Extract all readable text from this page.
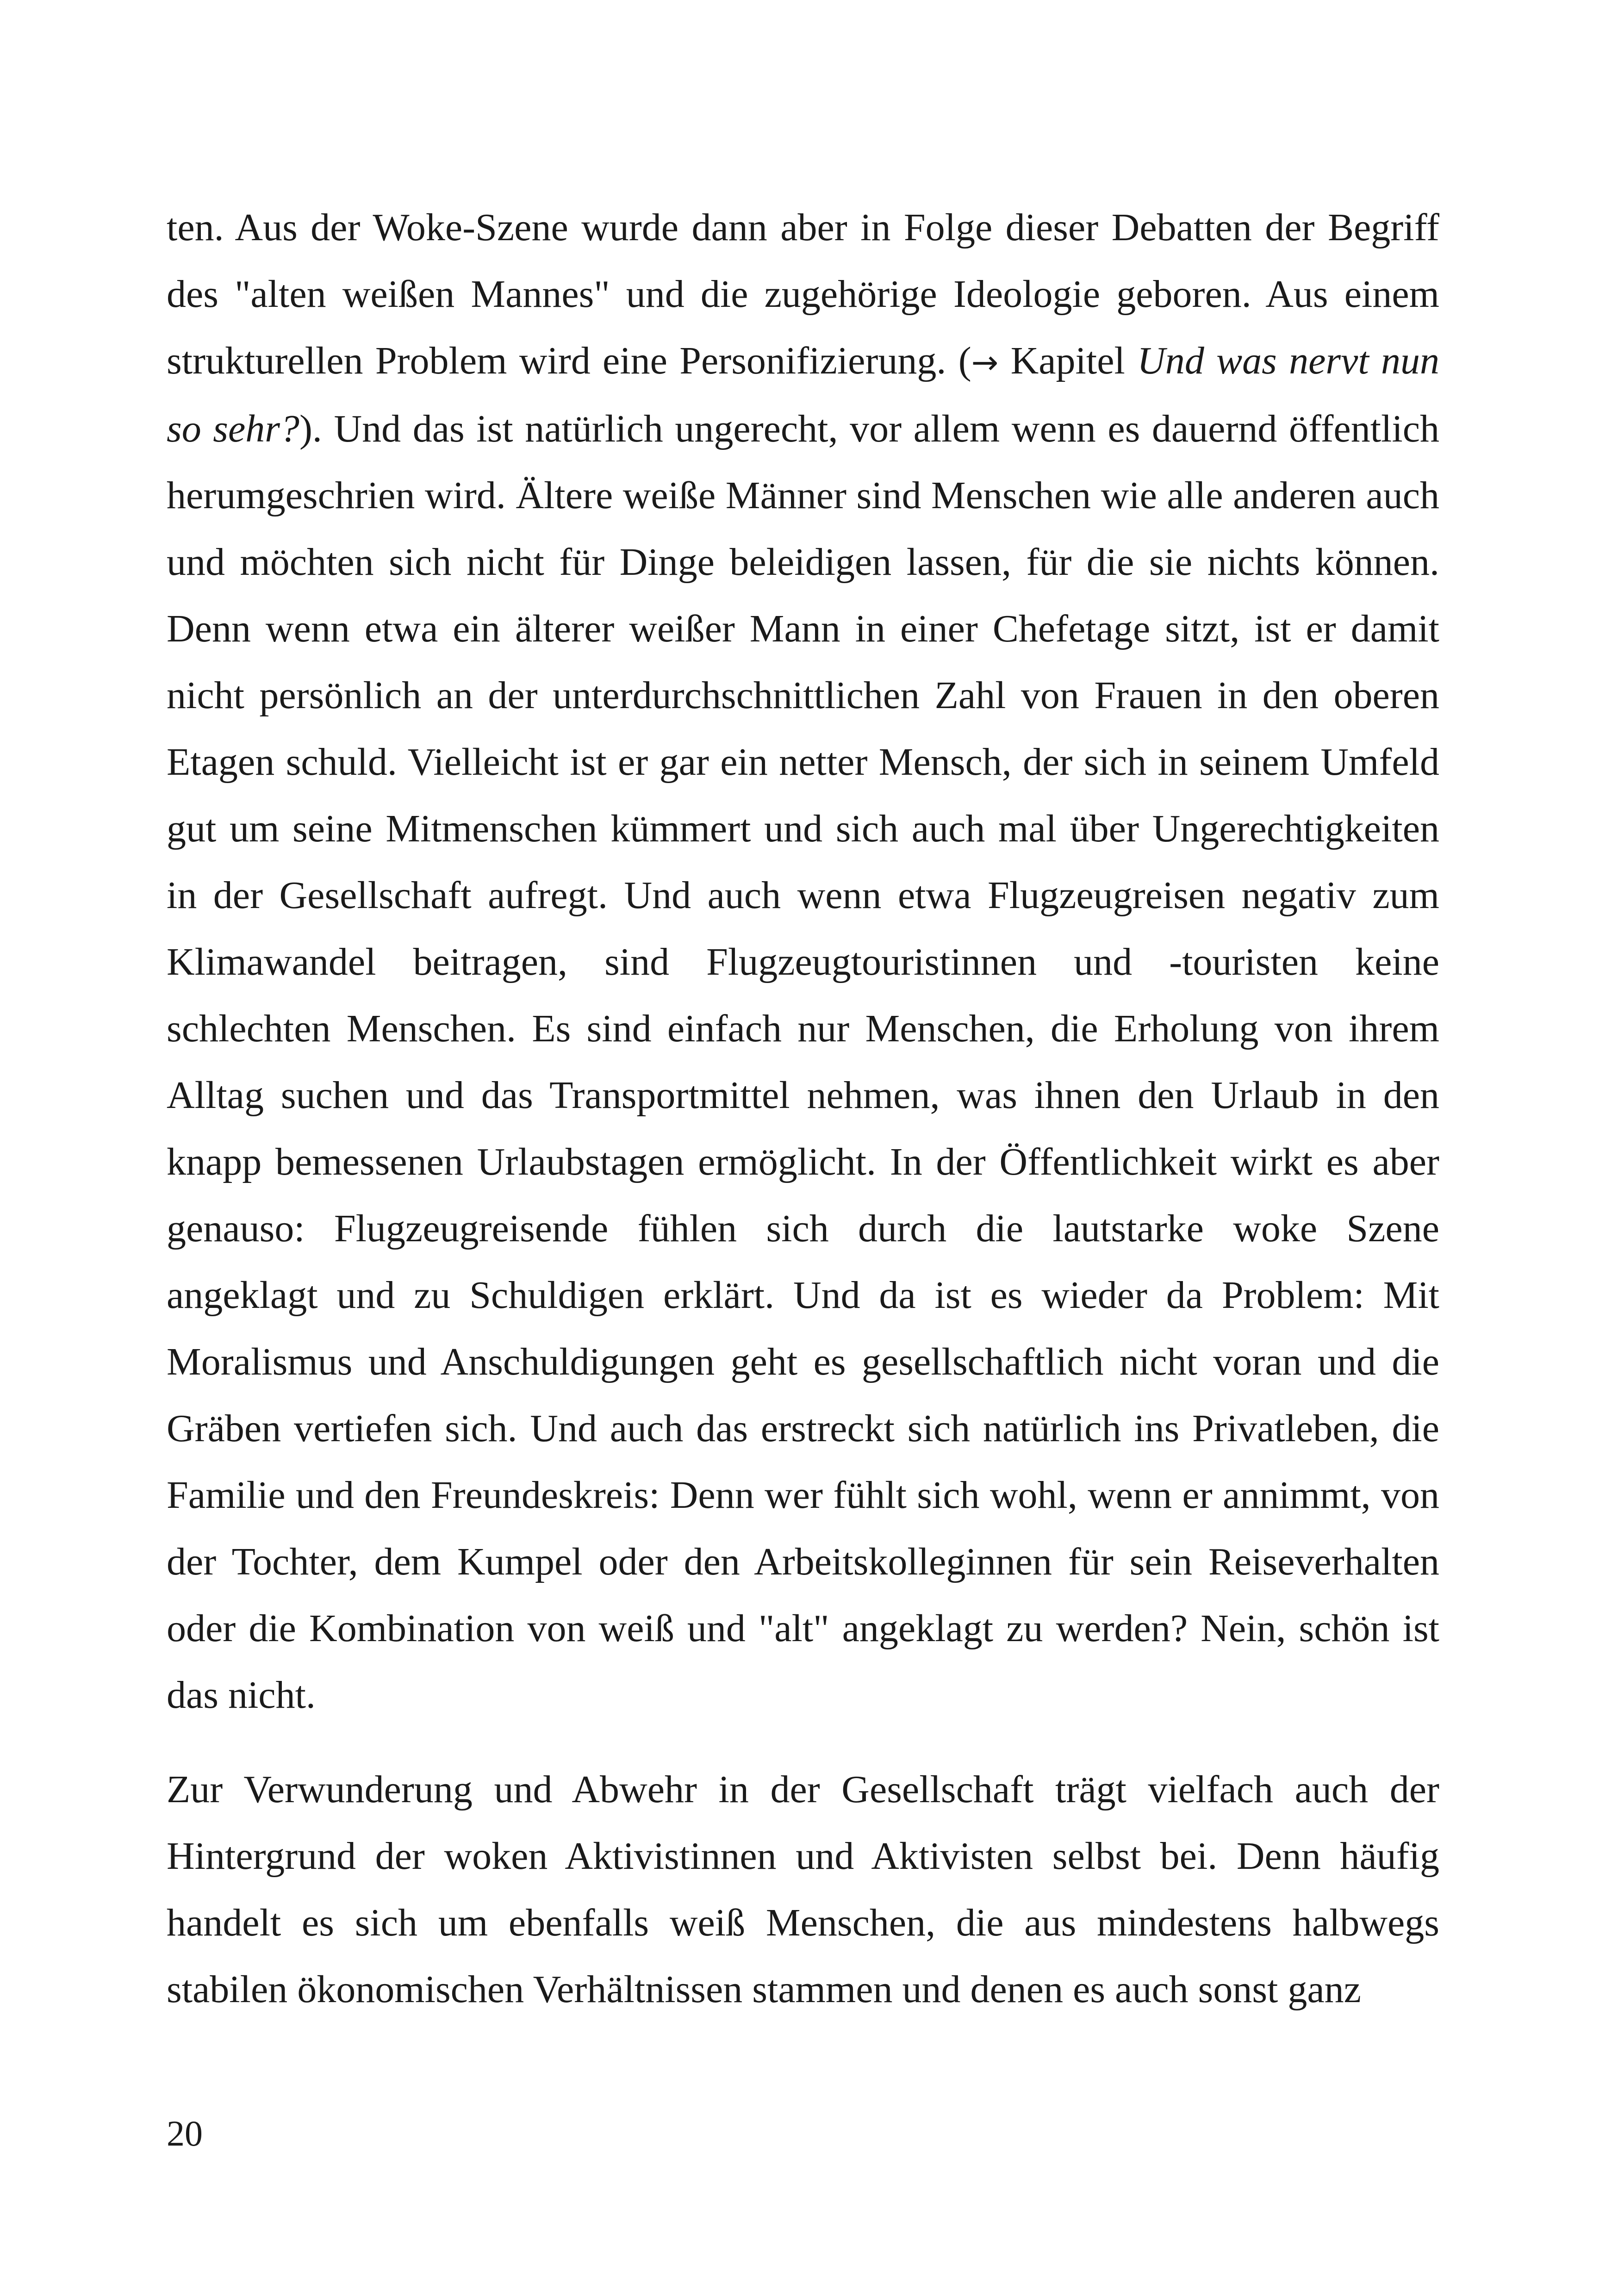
ten. Aus der Woke-Szene wurde dann aber in Folge dieser Debatten der Begriff des "alten weißen Mannes" und die zugehörige Ideologie geboren. Aus einem strukturellen Problem wird eine Personifizierung. (→ Kapitel Und was nervt nun so sehr?). Und das ist natürlich ungerecht, vor allem wenn es dauernd öffentlich herumgeschrien wird. Ältere weiße Männer sind Menschen wie alle anderen auch und möchten sich nicht für Dinge beleidigen lassen, für die sie nichts können. Denn wenn etwa ein älterer weißer Mann in einer Chefetage sitzt, ist er damit nicht persönlich an der unterdurchschnittlichen Zahl von Frauen in den oberen Etagen schuld. Vielleicht ist er gar ein netter Mensch, der sich in seinem Umfeld gut um seine Mitmenschen kümmert und sich auch mal über Ungerechtigkeiten in der Gesellschaft aufregt. Und auch wenn etwa Flugzeugreisen negativ zum Klimawandel beitragen, sind Flugzeugtouristinnen und -touristen keine schlechten Menschen. Es sind einfach nur Menschen, die Erholung von ihrem Alltag suchen und das Transportmittel nehmen, was ihnen den Urlaub in den knapp bemessenen Urlaubstagen ermöglicht. In der Öffentlichkeit wirkt es aber genauso: Flugzeugreisende fühlen sich durch die lautstarke woke Szene angeklagt und zu Schuldigen erklärt. Und da ist es wieder da Problem: Mit Moralismus und Anschuldigungen geht es gesellschaftlich nicht voran und die Gräben vertiefen sich. Und auch das erstreckt sich natürlich ins Privatleben, die Familie und den Freundeskreis: Denn wer fühlt sich wohl, wenn er annimmt, von der Tochter, dem Kumpel oder den Arbeitskolleginnen für sein Reiseverhalten oder die Kombination von weiß und "alt" angeklagt zu werden? Nein, schön ist das nicht.

Zur Verwunderung und Abwehr in der Gesellschaft trägt vielfach auch der Hintergrund der woken Aktivistinnen und Aktivisten selbst bei. Denn häufig handelt es sich um ebenfalls weiß Menschen, die aus mindestens halbwegs stabilen ökonomischen Verhältnissen stammen und denen es auch sonst ganz

20
